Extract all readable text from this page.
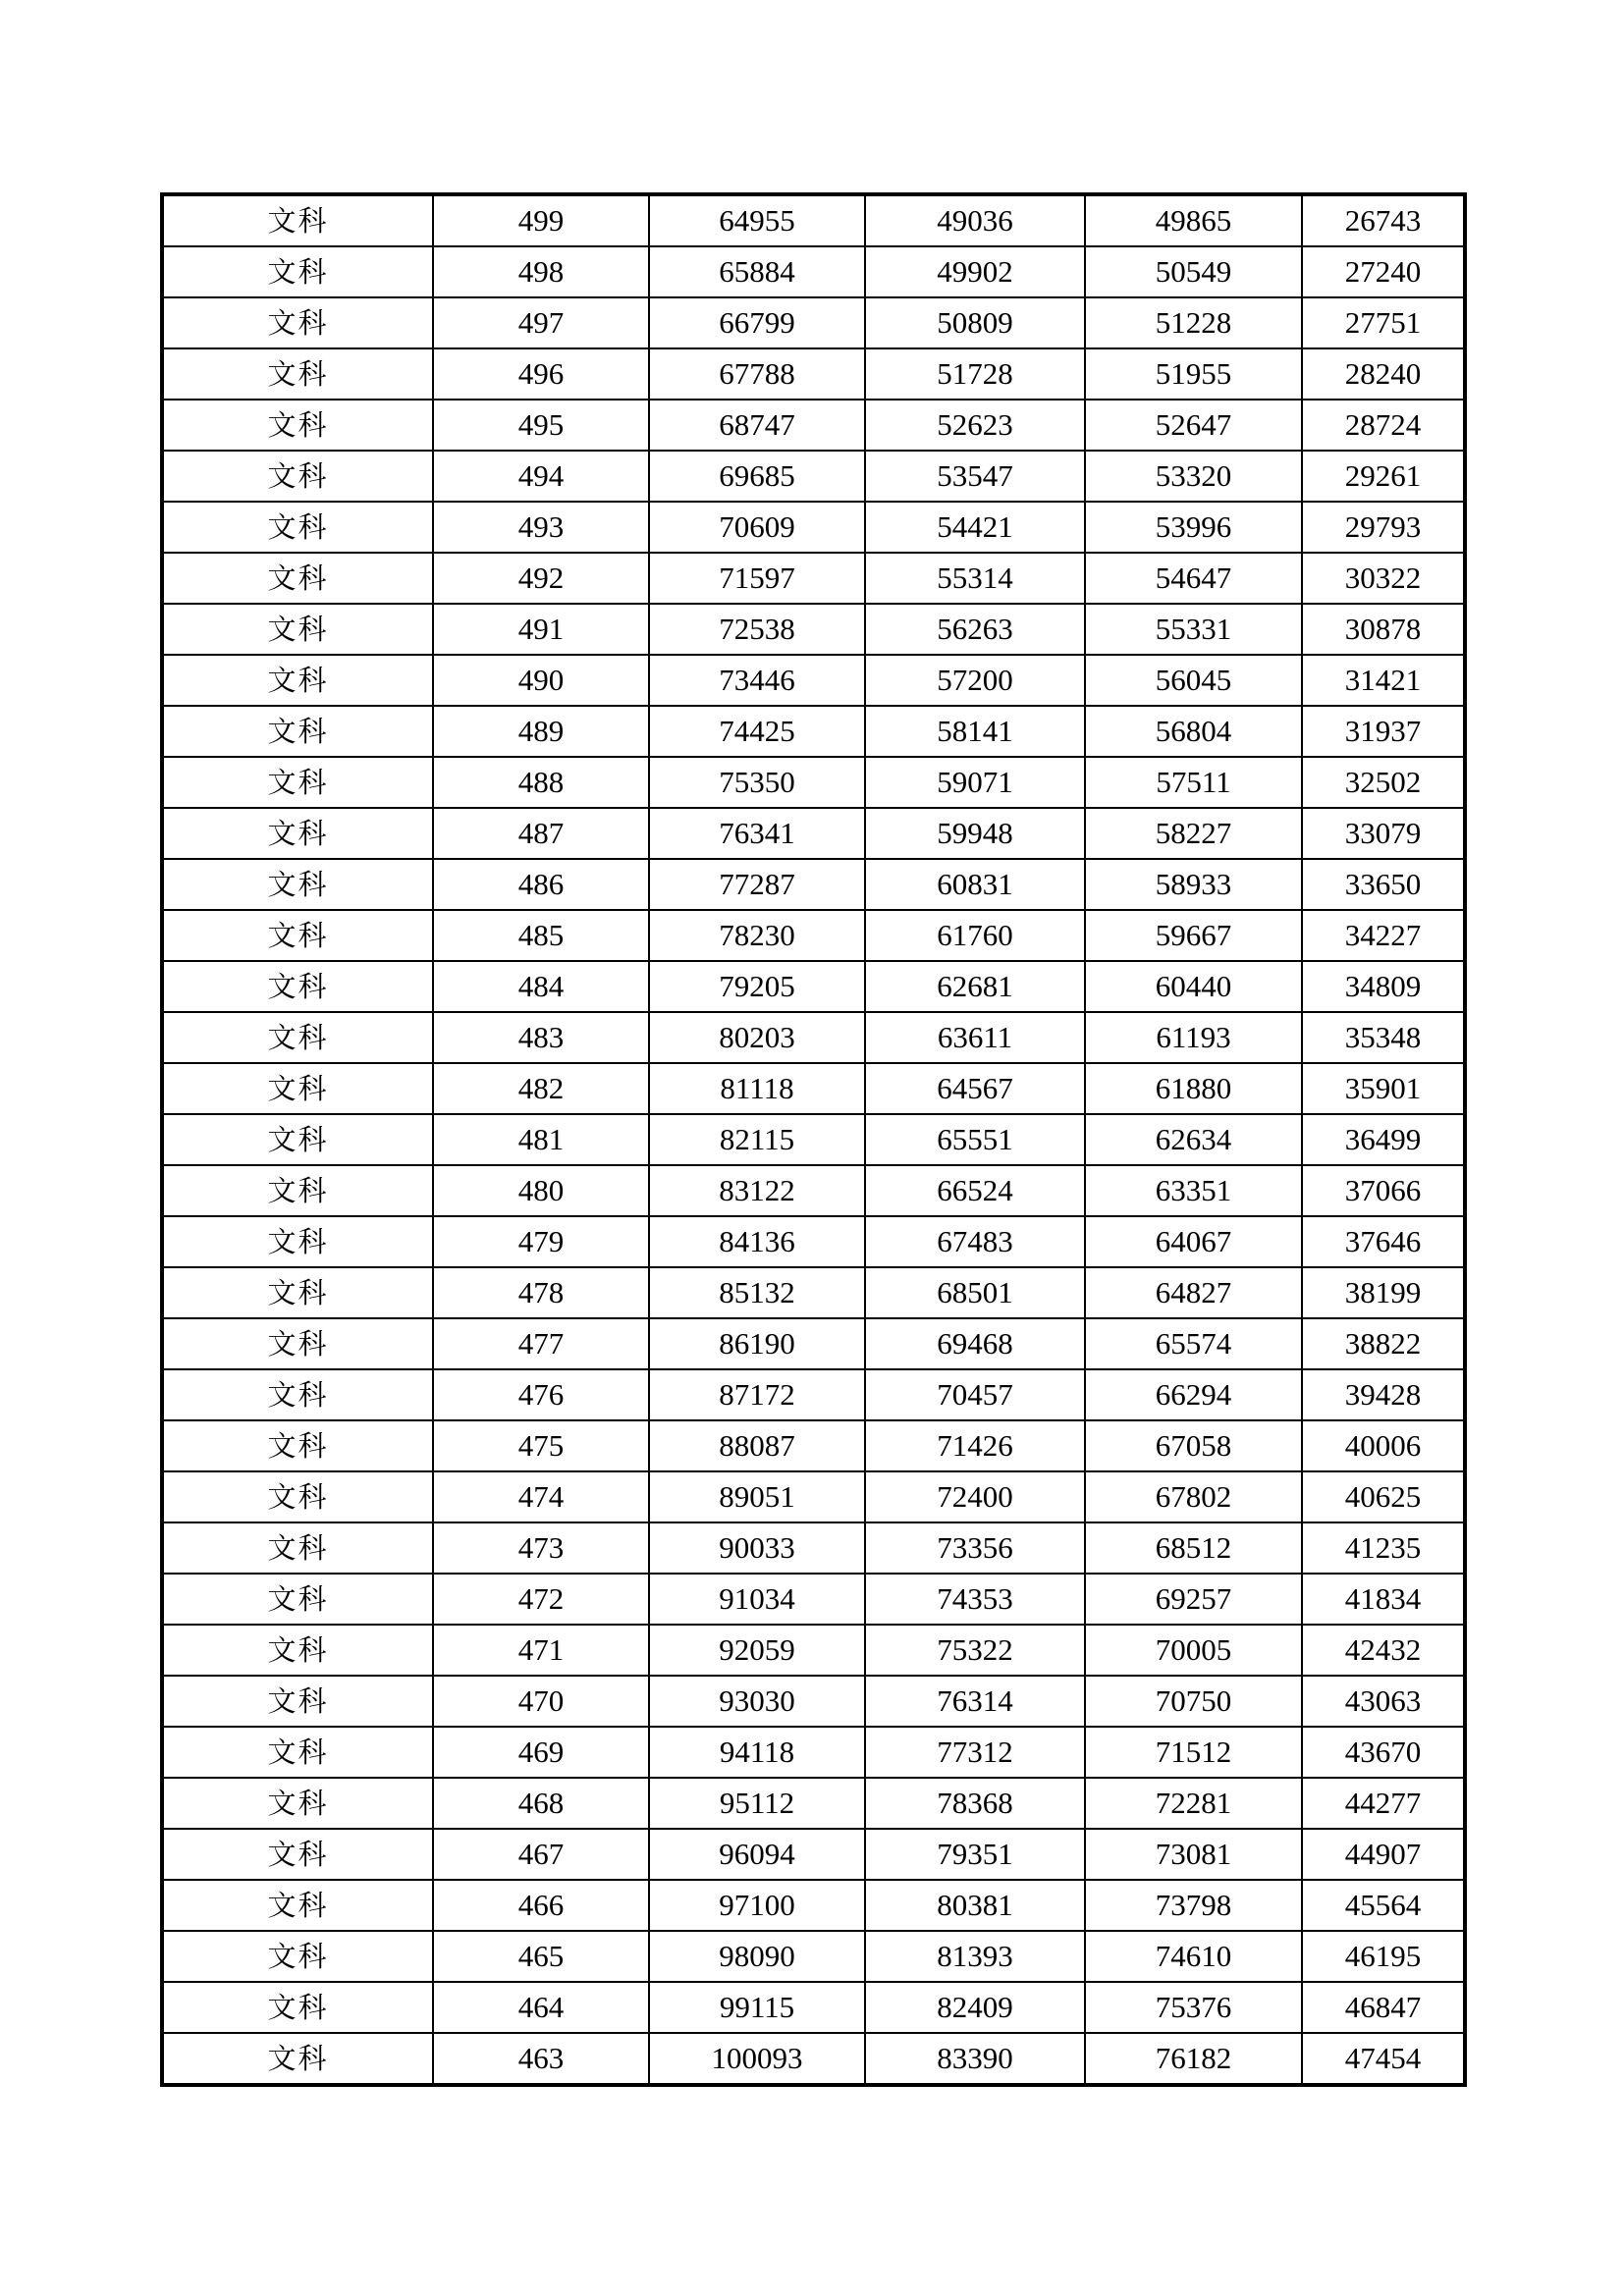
文科	499	64955	49036	49865	26743
文科	498	65884	49902	50549	27240
文科	497	66799	50809	51228	27751
文科	496	67788	51728	51955	28240
文科	495	68747	52623	52647	28724
文科	494	69685	53547	53320	29261
文科	493	70609	54421	53996	29793
文科	492	71597	55314	54647	30322
文科	491	72538	56263	55331	30878
文科	490	73446	57200	56045	31421
文科	489	74425	58141	56804	31937
文科	488	75350	59071	57511	32502
文科	487	76341	59948	58227	33079
文科	486	77287	60831	58933	33650
文科	485	78230	61760	59667	34227
文科	484	79205	62681	60440	34809
文科	483	80203	63611	61193	35348
文科	482	81118	64567	61880	35901
文科	481	82115	65551	62634	36499
文科	480	83122	66524	63351	37066
文科	479	84136	67483	64067	37646
文科	478	85132	68501	64827	38199
文科	477	86190	69468	65574	38822
文科	476	87172	70457	66294	39428
文科	475	88087	71426	67058	40006
文科	474	89051	72400	67802	40625
文科	473	90033	73356	68512	41235
文科	472	91034	74353	69257	41834
文科	471	92059	75322	70005	42432
文科	470	93030	76314	70750	43063
文科	469	94118	77312	71512	43670
文科	468	95112	78368	72281	44277
文科	467	96094	79351	73081	44907
文科	466	97100	80381	73798	45564
文科	465	98090	81393	74610	46195
文科	464	99115	82409	75376	46847
文科	463	100093	83390	76182	47454
